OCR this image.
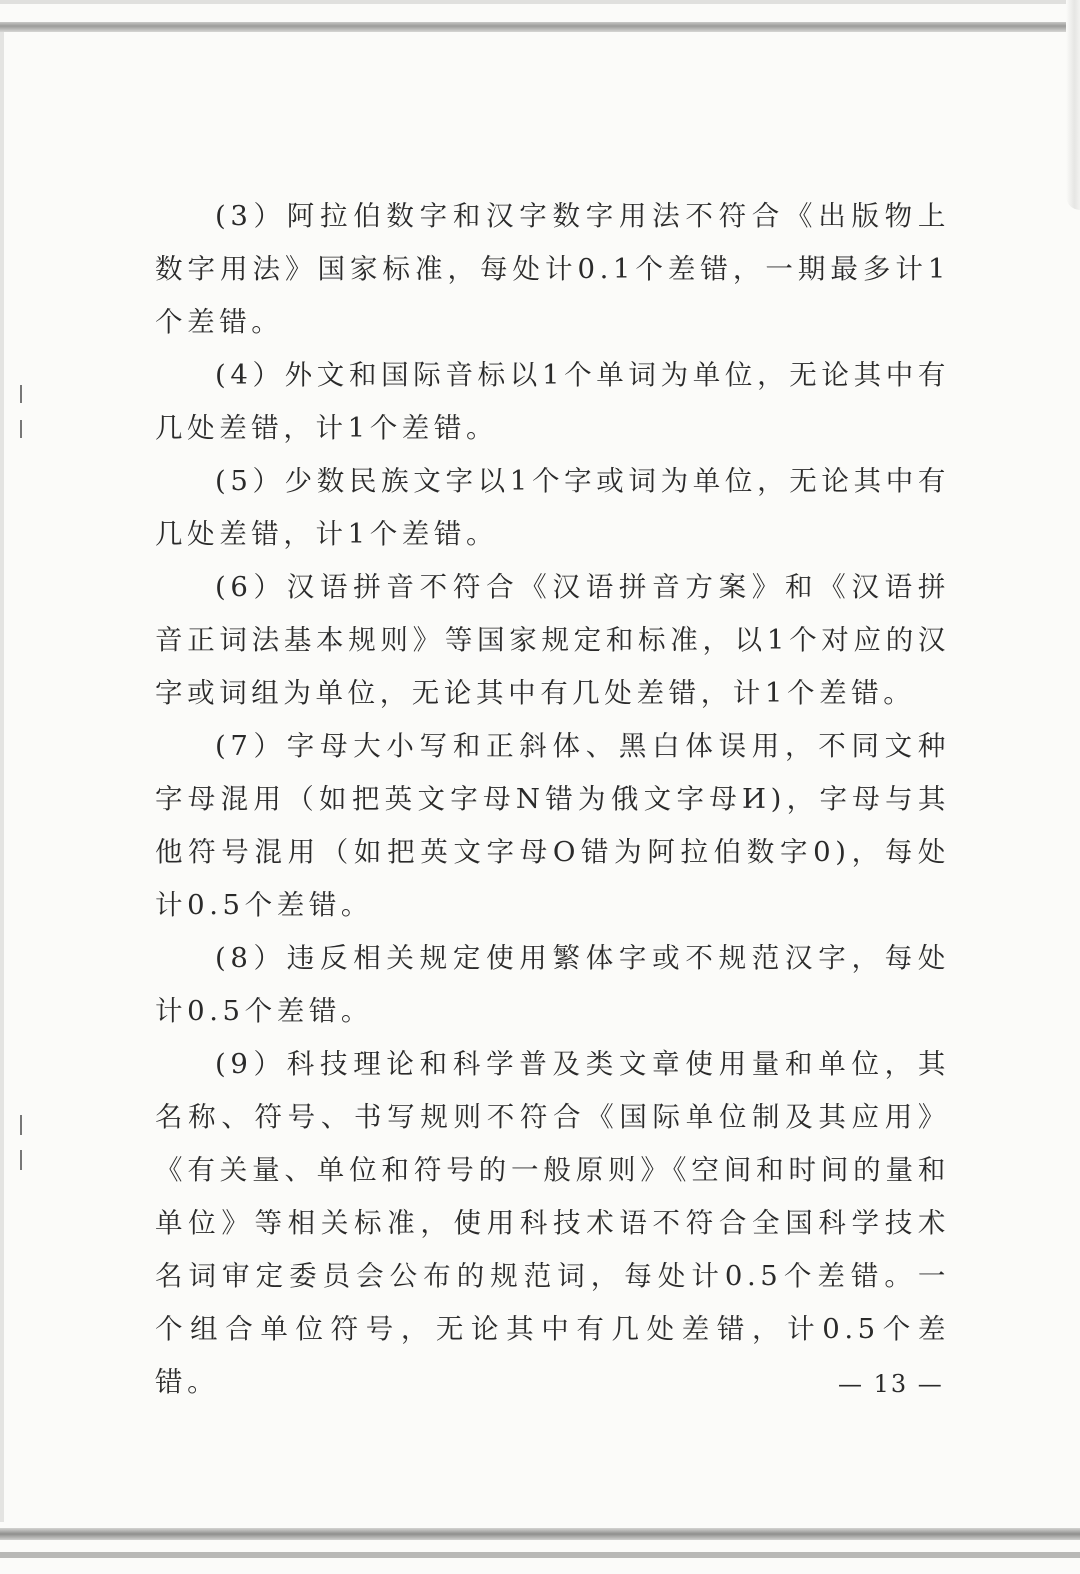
(3）阿拉伯数字和汉字数字用法不符合《出版物上数字用法》国家标准，每处计0.1个差错，一期最多计1个差错。

(4）外文和国际音标以1个单词为单位，无论其中有几处差错，计1个差错。

(5）少数民族文字以1个字或词为单位，无论其中有几处差错，计1个差错。

(6）汉语拼音不符合《汉语拼音方案》和《汉语拼音正词法基本规则》等国家规定和标准，以1个对应的汉字或词组为单位，无论其中有几处差错，计1个差错。

(7）字母大小写和正斜体、黑白体误用，不同文种字母混用（如把英文字母N错为俄文字母И)，字母与其他符号混用（如把英文字母O错为阿拉伯数字0)，每处计0.5个差错。

(8）违反相关规定使用繁体字或不规范汉字，每处计0.5个差错。

(9）科技理论和科学普及类文章使用量和单位，其名称、符号、书写规则不符合《国际单位制及其应用》《有关量、单位和符号的一般原则》《空间和时间的量和单位》等相关标准，使用科技术语不符合全国科学技术名词审定委员会公布的规范词，每处计0.5个差错。一个组合单位符号，无论其中有几处差错，计0.5个差错。	— 13 —
